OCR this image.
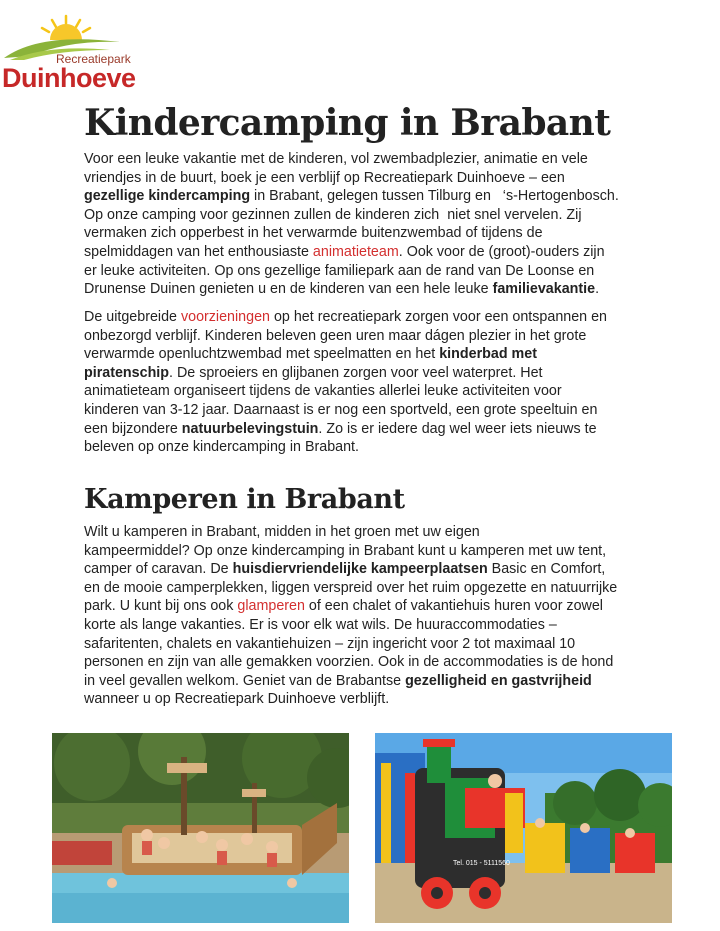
Recreatiepark
Duinhoeve
Kindercamping in Brabant

Voor een leuke vakantie met de kinderen, vol zwembadplezier, animatie en vele
vriendjes in de buurt, boek je een verblijf op Recreatiepark Duinhoeve – een
gezellige kindercamping in Brabant, gelegen tussen Tilburg en   ‘s-Hertogenbosch.
Op onze camping voor gezinnen zullen de kinderen zich  niet snel vervelen. Zij
vermaken zich opperbest in het verwarmde buitenzwembad of tijdens de
spelmiddagen van het enthousiaste animatieteam. Ook voor de (groot)-ouders zijn
er leuke activiteiten. Op ons gezellige familiepark aan de rand van De Loonse en
Drunense Duinen genieten u en de kinderen van een hele leuke familievakantie.

De uitgebreide voorzieningen op het recreatiepark zorgen voor een ontspannen en
onbezorgd verblijf. Kinderen beleven geen uren maar dágen plezier in het grote
verwarmde openluchtzwembad met speelmatten en het kinderbad met
piratenschip. De sproeiers en glijbanen zorgen voor veel waterpret. Het
animatieteam organiseert tijdens de vakanties allerlei leuke activiteiten voor
kinderen van 3-12 jaar. Daarnaast is er nog een sportveld, een grote speeltuin en
een bijzondere natuurbelevingstuin. Zo is er iedere dag wel weer iets nieuws te
beleven op onze kindercamping in Brabant.

Kamperen in Brabant

Wilt u kamperen in Brabant, midden in het groen met uw eigen
kampeermiddel? Op onze kindercamping in Brabant kunt u kamperen met uw tent,
camper of caravan. De huisdiervriendelijke kampeerplaatsen Basic en Comfort,
en de mooie camperplekken, liggen verspreid over het ruim opgezette en natuurrijke
park. U kunt bij ons ook glamperen of een chalet of vakantiehuis huren voor zowel
korte als lange vakanties. Er is voor elk wat wils. De huuraccommodaties –
safaritenten, chalets en vakantiehuizen – zijn ingericht voor 2 tot maximaal 10
personen en zijn van alle gemakken voorzien. Ook in de accommodaties is de hond
in veel gevallen welkom. Geniet van de Brabantse gezelligheid en gastvrijheid
wanneer u op Recreatiepark Duinhoeve verblijft.

Tel. 015 - 5111560
